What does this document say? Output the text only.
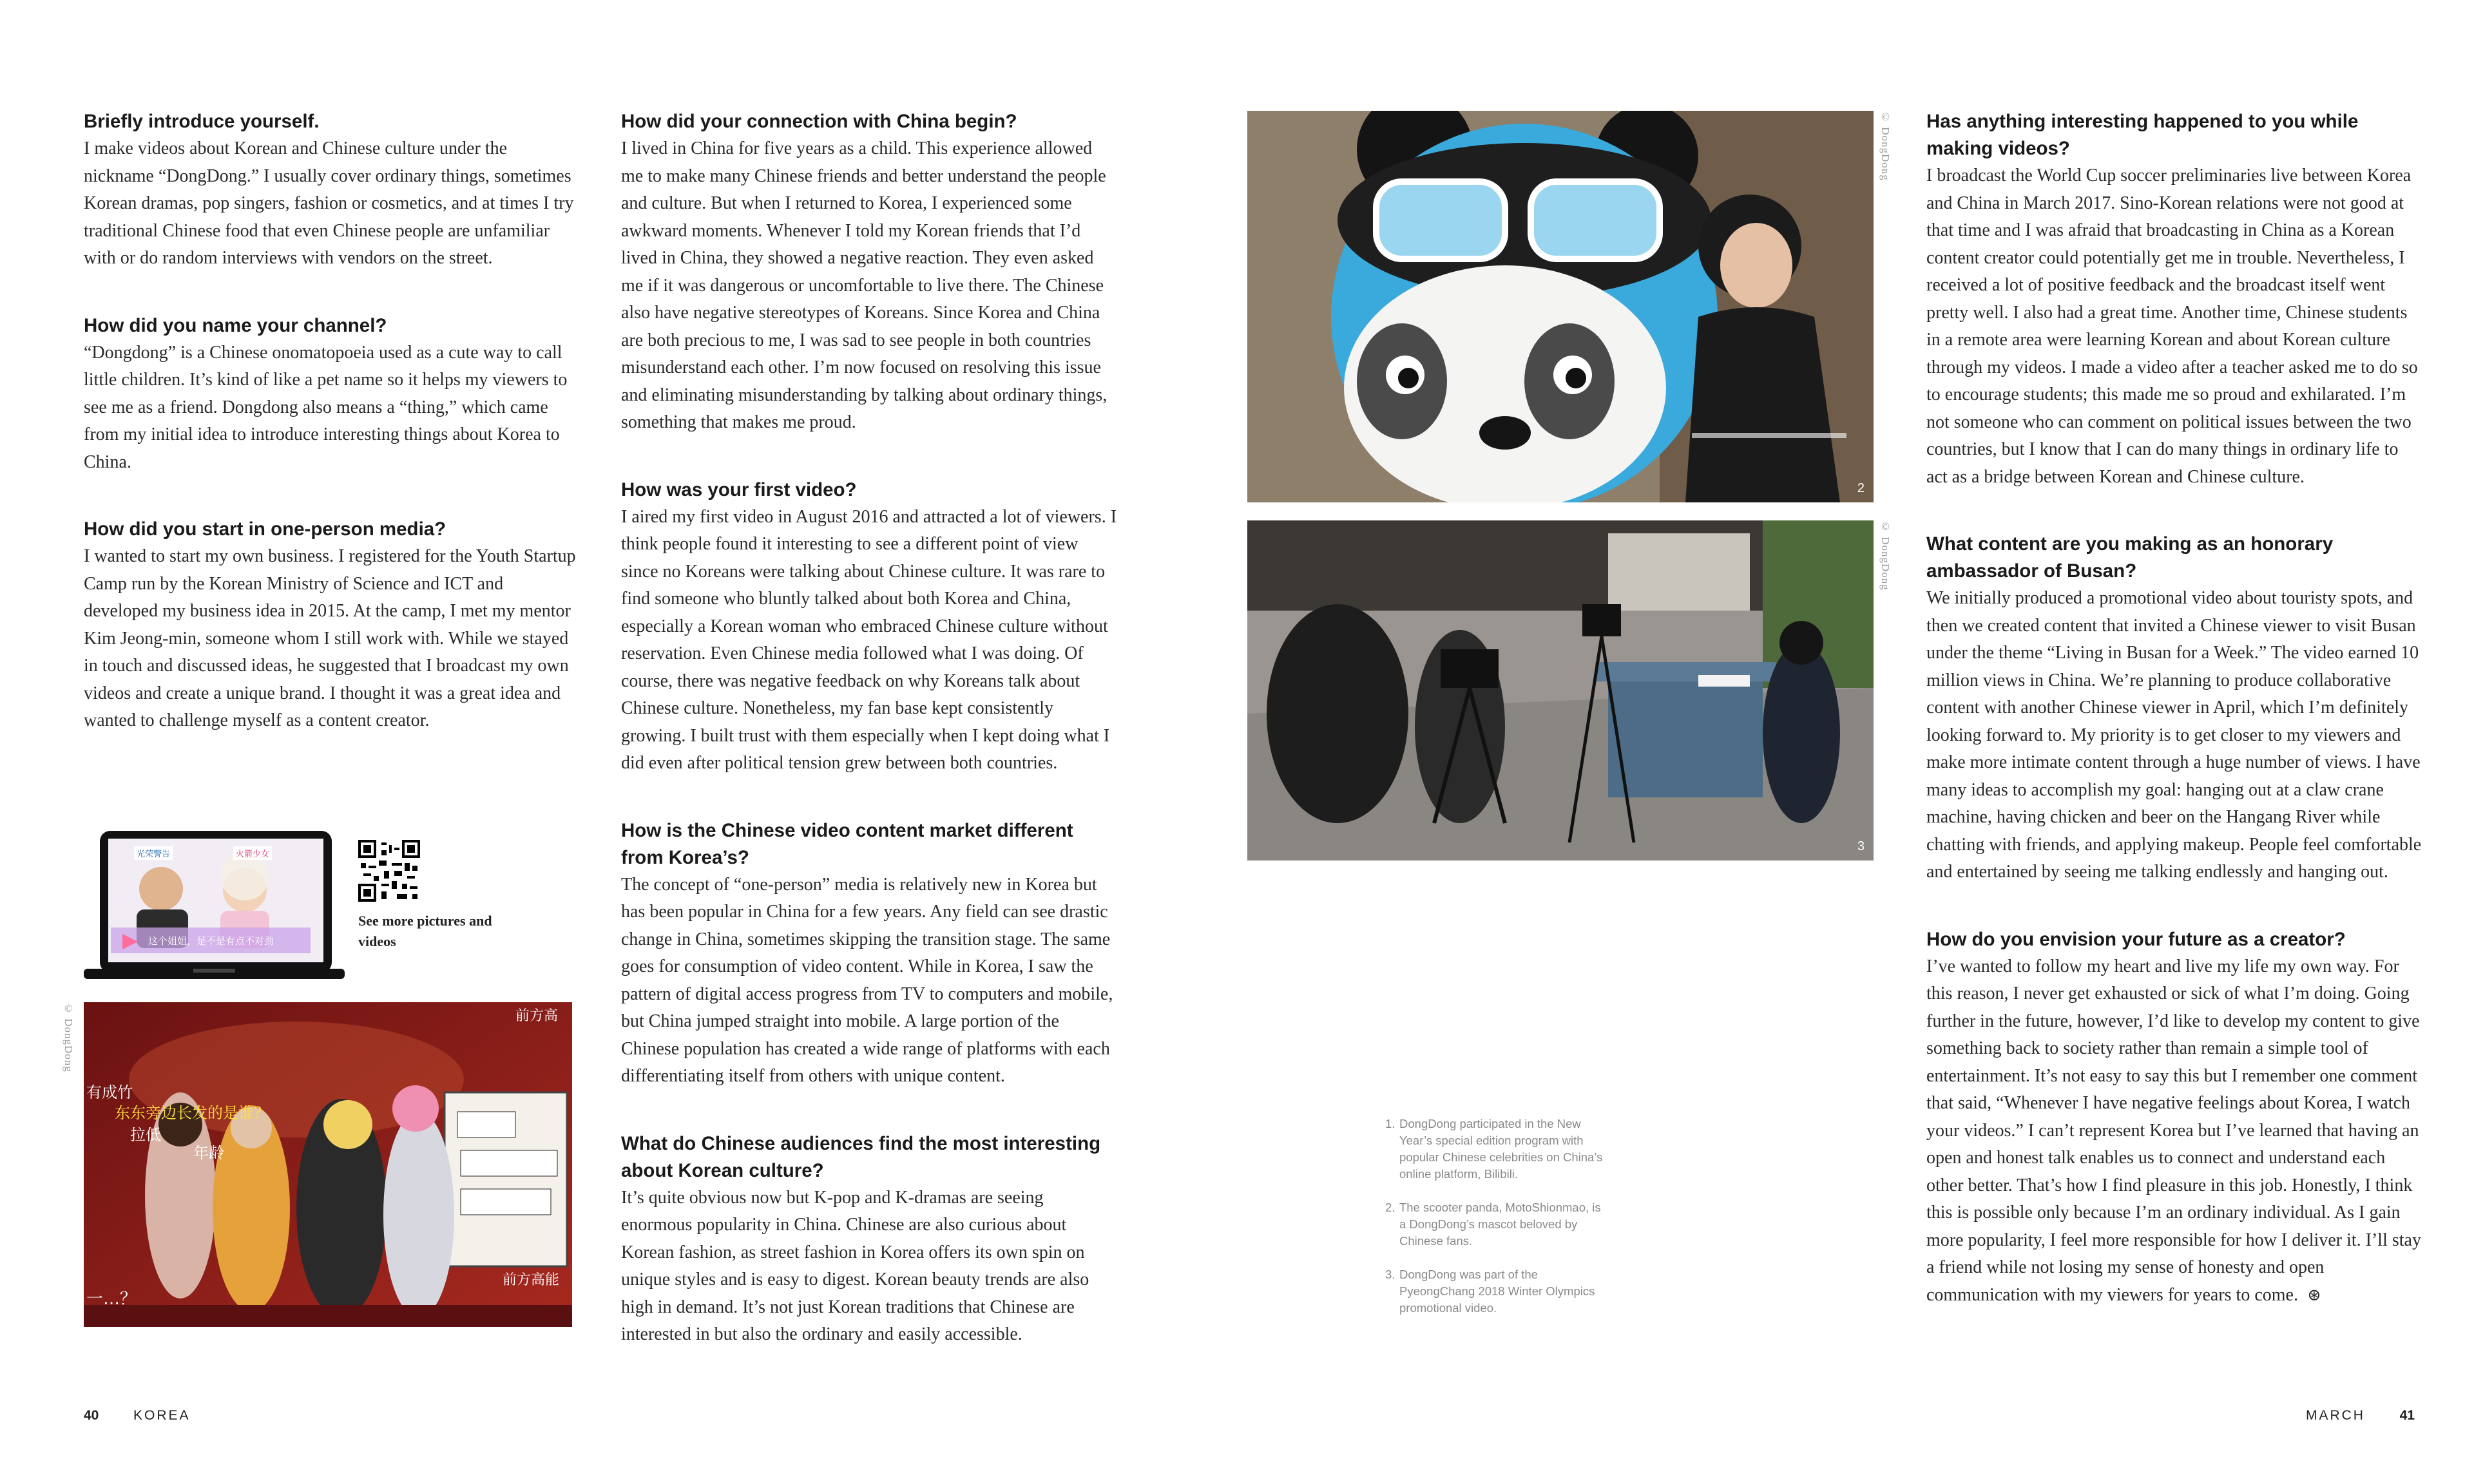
Briefly introduce yourself.

I make videos about Korean and Chinese culture under the nickname “DongDong.” I usually cover ordinary things, sometimes Korean dramas, pop singers, fashion or cosmetics, and at times I try traditional Chinese food that even Chinese people are unfamiliar with or do random interviews with vendors on the street.

How did you name your channel?

“Dongdong” is a Chinese onomatopoeia used as a cute way to call little children. It’s kind of like a pet name so it helps my viewers to see me as a friend. Dongdong also means a “thing,” which came from my initial idea to introduce interesting things about Korea to China.

How did you start in one-person media?

I wanted to start my own business. I registered for the Youth Startup Camp run by the Korean Ministry of Science and ICT and developed my business idea in 2015. At the camp, I met my mentor Kim Jeong-min, someone whom I still work with. While we stayed in touch and discussed ideas, he suggested that I broadcast my own videos and create a unique brand. I thought it was a great idea and wanted to challenge myself as a content creator.

光荣警告	火箭少女
这个姐姐，是不是有点不对劲
See more pictures and videos
© DongDong
有成竹
东东旁边长发的是谁？
拉低
年龄
前方高
前方高能
一…？

How did your connection with China begin?

I lived in China for five years as a child. This experience allowed me to make many Chinese friends and better understand the people and culture. But when I returned to Korea, I experienced some awkward moments. Whenever I told my Korean friends that I’d lived in China, they showed a negative reaction. They even asked me if it was dangerous or uncomfortable to live there. The Chinese also have negative stereotypes of Koreans. Since Korea and China are both precious to me, I was sad to see people in both countries misunderstand each other. I’m now focused on resolving this issue and eliminating misunderstanding by talking about ordinary things, something that makes me proud.

How was your first video?

I aired my first video in August 2016 and attracted a lot of viewers. I think people found it interesting to see a different point of view since no Koreans were talking about Chinese culture. It was rare to find someone who bluntly talked about both Korea and China, especially a Korean woman who embraced Chinese culture without reservation. Even Chinese media followed what I was doing. Of course, there was negative feedback on why Koreans talk about Chinese culture. Nonetheless, my fan base kept consistently growing. I built trust with them especially when I kept doing what I did even after political tension grew between both countries.

How is the Chinese video content market different from Korea’s?

The concept of “one-person” media is relatively new in Korea but has been popular in China for a few years. Any field can see drastic change in China, sometimes skipping the transition stage. The same goes for consumption of video content. While in Korea, I saw the pattern of digital access progress from TV to computers and mobile, but China jumped straight into mobile. A large portion of the Chinese population has created a wide range of platforms with each differentiating itself from others with unique content.

What do Chinese audiences find the most interesting about Korean culture?

It’s quite obvious now but K-pop and K-dramas are seeing enormous popularity in China. Chinese are also curious about Korean fashion, as street fashion in Korea offers its own spin on unique styles and is easy to digest. Korean beauty trends are also high in demand. It’s not just Korean traditions that Chinese are interested in but also the ordinary and easily accessible.

2
© DongDong
3
© DongDong
1. DongDong participated in the New Year’s special edition program with popular Chinese celebrities on China’s online platform, Bilibili.
2. The scooter panda, MotoShionmao, is a DongDong’s mascot beloved by Chinese fans.
3. DongDong was part of the PyeongChang 2018 Winter Olympics promotional video.

Has anything interesting happened to you while making videos?

I broadcast the World Cup soccer preliminaries live between Korea and China in March 2017. Sino-Korean relations were not good at that time and I was afraid that broadcasting in China as a Korean content creator could potentially get me in trouble. Nevertheless, I received a lot of positive feedback and the broadcast itself went pretty well. I also had a great time. Another time, Chinese students in a remote area were learning Korean and about Korean culture through my videos. I made a video after a teacher asked me to do so to encourage students; this made me so proud and exhilarated. I’m not someone who can comment on political issues between the two countries, but I know that I can do many things in ordinary life to act as a bridge between Korean and Chinese culture.

What content are you making as an honorary ambassador of Busan?

We initially produced a promotional video about touristy spots, and then we created content that invited a Chinese viewer to visit Busan under the theme “Living in Busan for a Week.” The video earned 10 million views in China. We’re planning to produce collaborative content with another Chinese viewer in April, which I’m definitely looking forward to. My priority is to get closer to my viewers and make more intimate content through a huge number of views. I have many ideas to accomplish my goal: hanging out at a claw crane machine, having chicken and beer on the Hangang River while chatting with friends, and applying makeup. People feel comfortable and entertained by seeing me talking endlessly and hanging out.

How do you envision your future as a creator?

I’ve wanted to follow my heart and live my life my own way. For this reason, I never get exhausted or sick of what I’m doing. Going further in the future, however, I’d like to develop my content to give something back to society rather than remain a simple tool of entertainment. It’s not easy to say this but I remember one comment that said, “Whenever I have negative feelings about Korea, I watch your videos.” I can’t represent Korea but I’ve learned that having an open and honest talk enables us to connect and understand each other better. That’s how I find pleasure in this job. Honestly, I think this is possible only because I’m an ordinary individual. As I gain more popularity, I feel more responsible for how I deliver it. I’ll stay a friend while not losing my sense of honesty and open communication with my viewers for years to come. ⊛

40	KOREA	MARCH	41
